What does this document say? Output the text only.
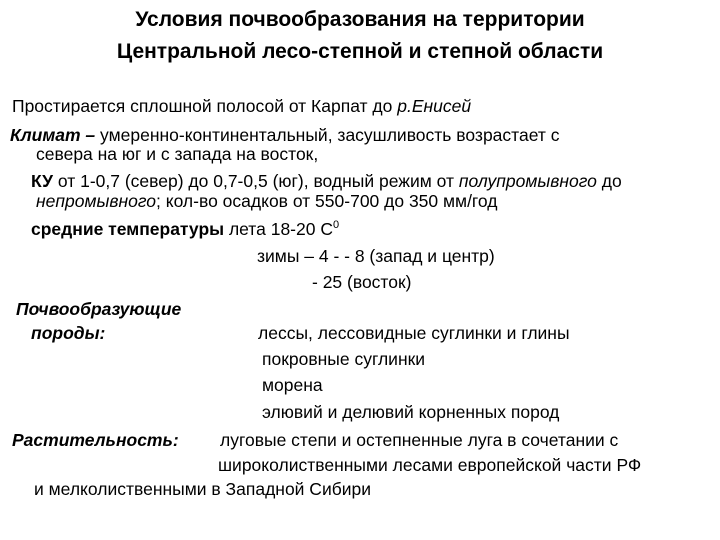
Условия почвообразования на территории
Центральной лесо-степной и степной области
Простирается сплошной полосой от Карпат до р.Енисей
Климат – умеренно-континентальный, засушливость возрастает с
севера на юг и с запада на восток,
КУ от 1-0,7 (север) до 0,7-0,5 (юг), водный режим от полупромывного до
непромывного; кол-во осадков от 550-700 до 350 мм/год
средние температуры лета 18-20 $С^0$
зимы – 4 - - 8 (запад и центр)
- 25 (восток)
Почвообразующие
породы:	лессы, лессовидные суглинки и глины
покровные суглинки
морена
элювий и делювий корненных пород
Растительность: луговые степи и остепненные луга в сочетании с
широколиственными лесами европейской части РФ
и мелколиственными в Западной Сибири
